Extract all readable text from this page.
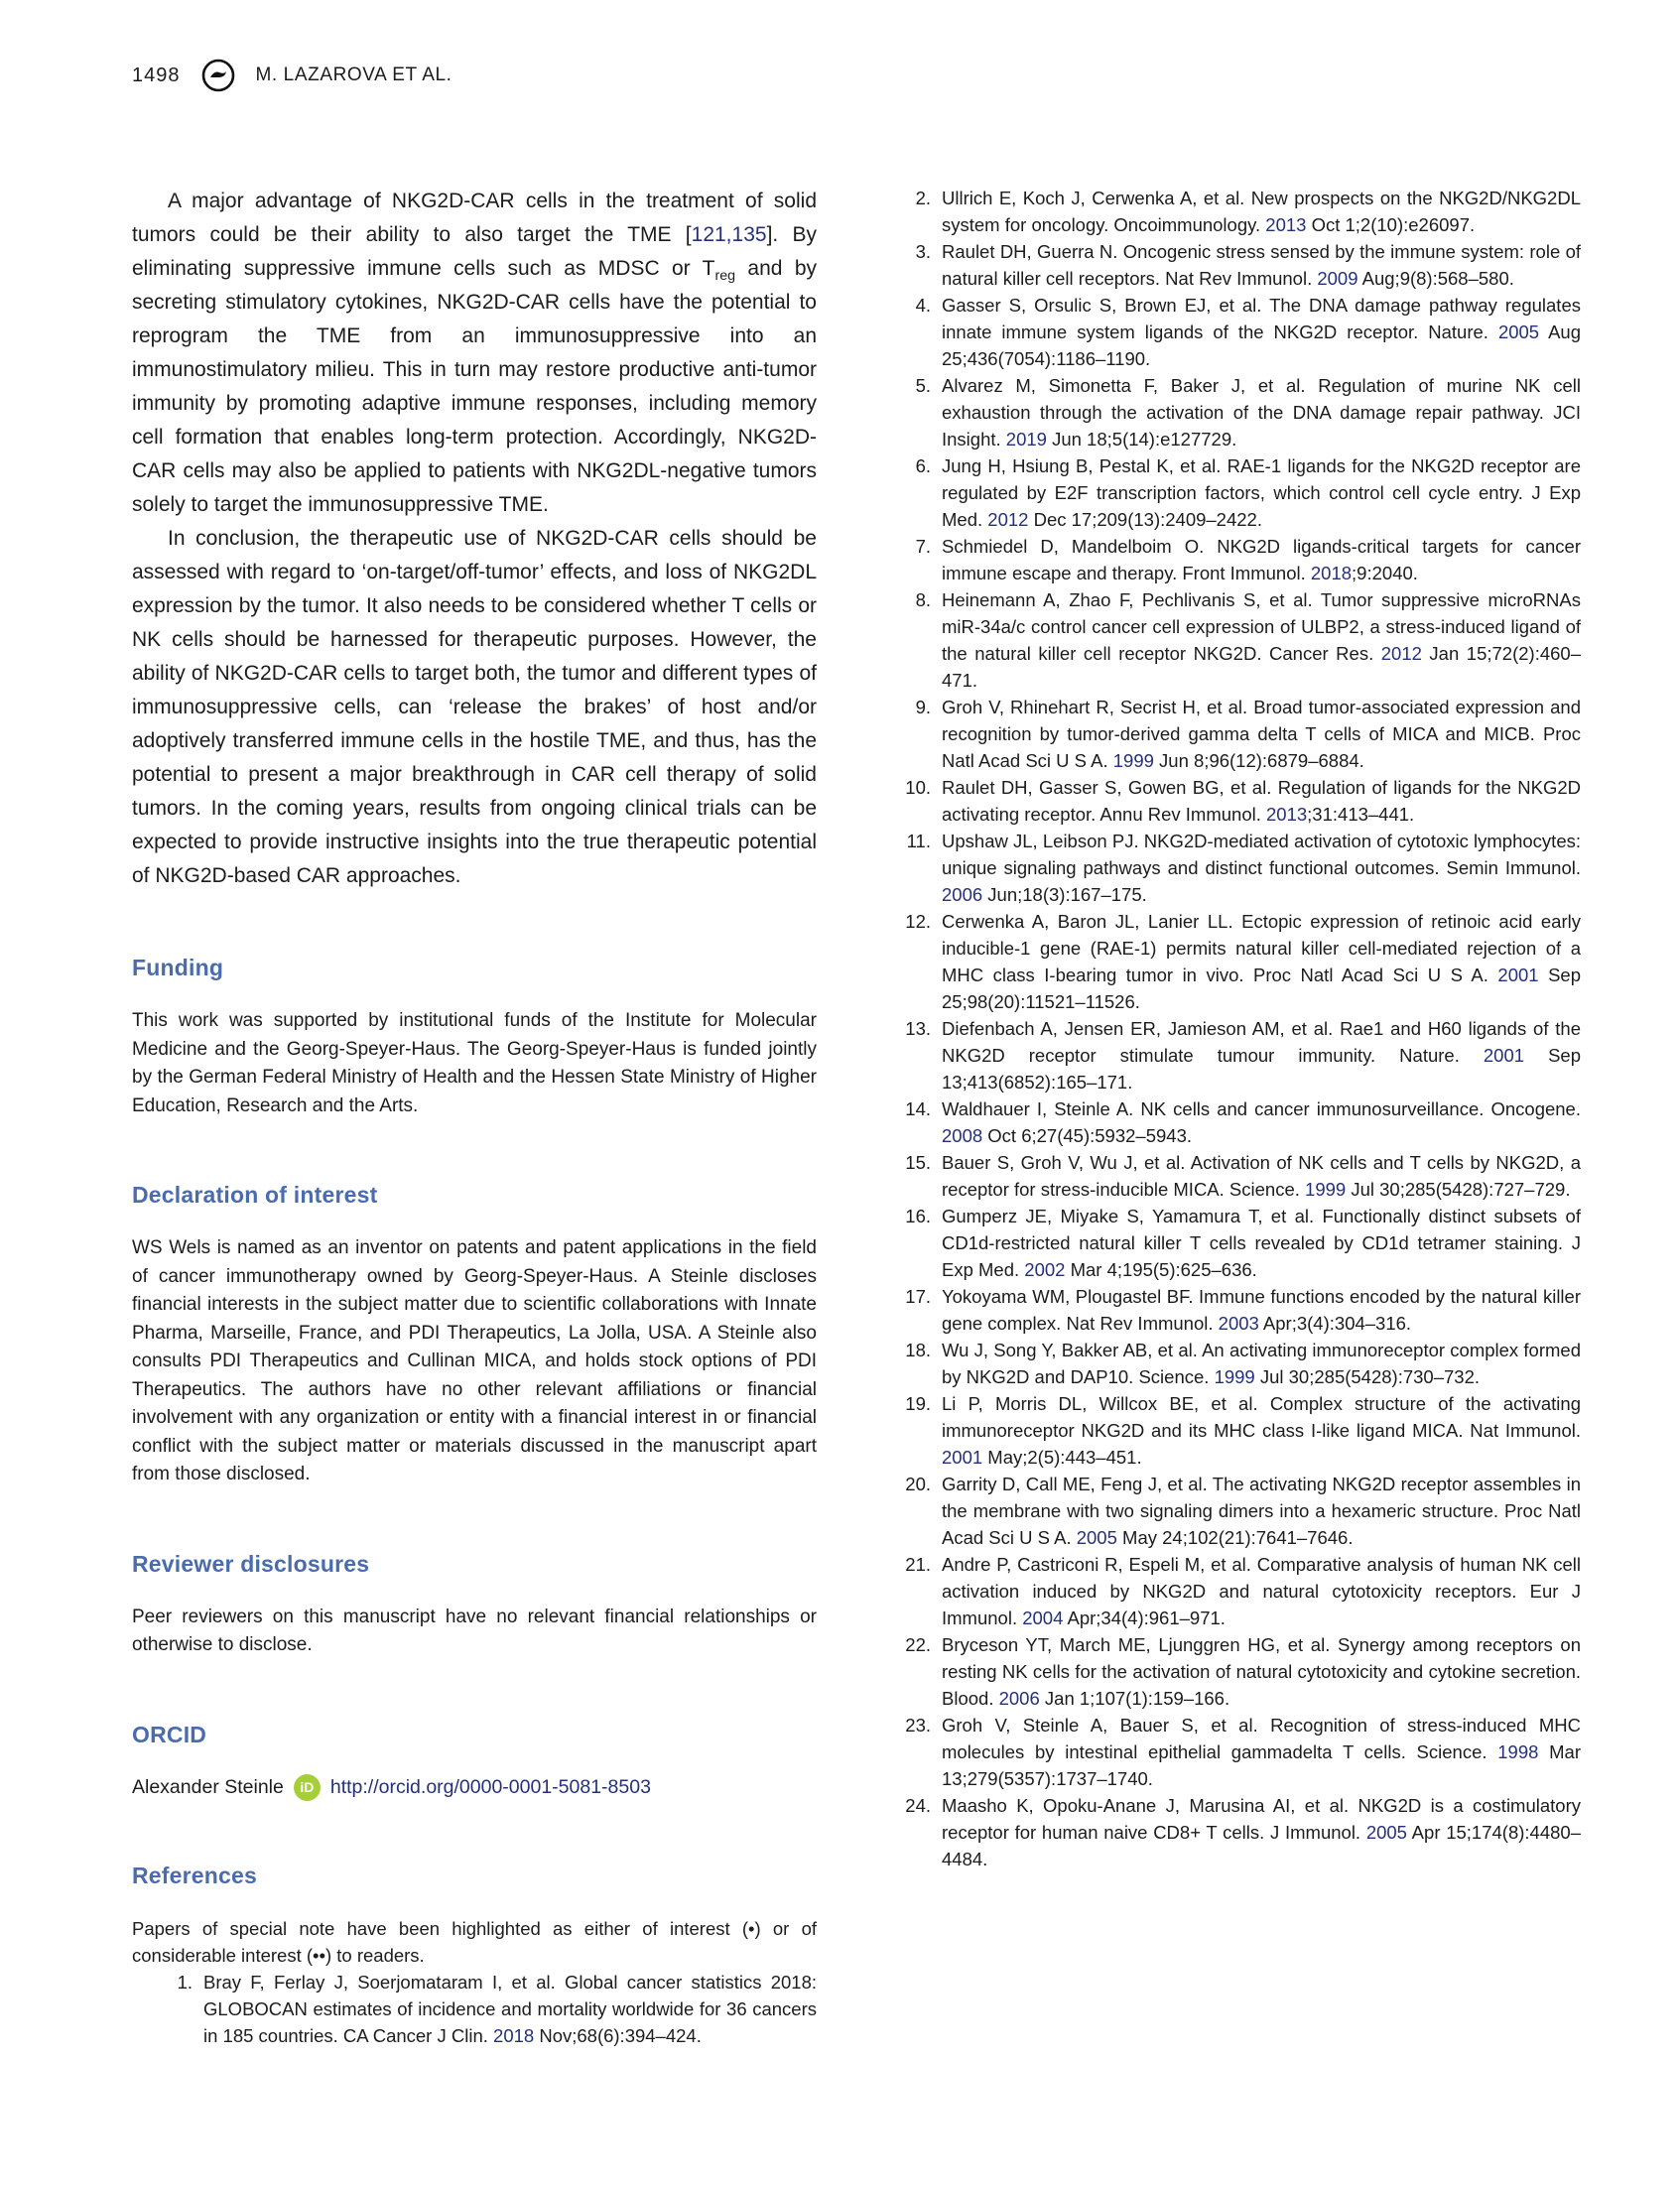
1498	M. LAZAROVA ET AL.

A major advantage of NKG2D-CAR cells in the treatment of solid tumors could be their ability to also target the TME [121,135]. By eliminating suppressive immune cells such as MDSC or $T_{reg}$ and by secreting stimulatory cytokines, NKG2D-CAR cells have the potential to reprogram the TME from an immunosuppressive into an immunostimulatory milieu. This in turn may restore productive anti-tumor immunity by promoting adaptive immune responses, including memory cell formation that enables long-term protection. Accordingly, NKG2D-CAR cells may also be applied to patients with NKG2DL-negative tumors solely to target the immunosuppressive TME.

In conclusion, the therapeutic use of NKG2D-CAR cells should be assessed with regard to ‘on-target/off-tumor’ effects, and loss of NKG2DL expression by the tumor. It also needs to be considered whether T cells or NK cells should be harnessed for therapeutic purposes. However, the ability of NKG2D-CAR cells to target both, the tumor and different types of immunosuppressive cells, can ‘release the brakes’ of host and/or adoptively transferred immune cells in the hostile TME, and thus, has the potential to present a major breakthrough in CAR cell therapy of solid tumors. In the coming years, results from ongoing clinical trials can be expected to provide instructive insights into the true therapeutic potential of NKG2D-based CAR approaches.

Funding

This work was supported by institutional funds of the Institute for Molecular Medicine and the Georg-Speyer-Haus. The Georg-Speyer-Haus is funded jointly by the German Federal Ministry of Health and the Hessen State Ministry of Higher Education, Research and the Arts.

Declaration of interest

WS Wels is named as an inventor on patents and patent applications in the field of cancer immunotherapy owned by Georg-Speyer-Haus. A Steinle discloses financial interests in the subject matter due to scientific collaborations with Innate Pharma, Marseille, France, and PDI Therapeutics, La Jolla, USA. A Steinle also consults PDI Therapeutics and Cullinan MICA, and holds stock options of PDI Therapeutics. The authors have no other relevant affiliations or financial involvement with any organization or entity with a financial interest in or financial conflict with the subject matter or materials discussed in the manuscript apart from those disclosed.

Reviewer disclosures

Peer reviewers on this manuscript have no relevant financial relationships or otherwise to disclose.

ORCID
Alexander Steinle	iD http://orcid.org/0000-0001-5081-8503
References

Papers of special note have been highlighted as either of interest (•) or of considerable interest (••) to readers.

1. Bray F, Ferlay J, Soerjomataram I, et al. Global cancer statistics 2018: GLOBOCAN estimates of incidence and mortality worldwide for 36 cancers in 185 countries. CA Cancer J Clin. 2018 Nov;68(6):394–424.
2. Ullrich E, Koch J, Cerwenka A, et al. New prospects on the NKG2D/NKG2DL system for oncology. Oncoimmunology. 2013 Oct 1;2(10):e26097.
3. Raulet DH, Guerra N. Oncogenic stress sensed by the immune system: role of natural killer cell receptors. Nat Rev Immunol. 2009 Aug;9(8):568–580.
4. Gasser S, Orsulic S, Brown EJ, et al. The DNA damage pathway regulates innate immune system ligands of the NKG2D receptor. Nature. 2005 Aug 25;436(7054):1186–1190.
5. Alvarez M, Simonetta F, Baker J, et al. Regulation of murine NK cell exhaustion through the activation of the DNA damage repair pathway. JCI Insight. 2019 Jun 18;5(14):e127729.
6. Jung H, Hsiung B, Pestal K, et al. RAE-1 ligands for the NKG2D receptor are regulated by E2F transcription factors, which control cell cycle entry. J Exp Med. 2012 Dec 17;209(13):2409–2422.
7. Schmiedel D, Mandelboim O. NKG2D ligands-critical targets for cancer immune escape and therapy. Front Immunol. 2018;9:2040.
8. Heinemann A, Zhao F, Pechlivanis S, et al. Tumor suppressive microRNAs miR-34a/c control cancer cell expression of ULBP2, a stress-induced ligand of the natural killer cell receptor NKG2D. Cancer Res. 2012 Jan 15;72(2):460–471.
9. Groh V, Rhinehart R, Secrist H, et al. Broad tumor-associated expression and recognition by tumor-derived gamma delta T cells of MICA and MICB. Proc Natl Acad Sci U S A. 1999 Jun 8;96(12):6879–6884.
10. Raulet DH, Gasser S, Gowen BG, et al. Regulation of ligands for the NKG2D activating receptor. Annu Rev Immunol. 2013;31:413–441.
11. Upshaw JL, Leibson PJ. NKG2D-mediated activation of cytotoxic lymphocytes: unique signaling pathways and distinct functional outcomes. Semin Immunol. 2006 Jun;18(3):167–175.
12. Cerwenka A, Baron JL, Lanier LL. Ectopic expression of retinoic acid early inducible-1 gene (RAE-1) permits natural killer cell-mediated rejection of a MHC class I-bearing tumor in vivo. Proc Natl Acad Sci U S A. 2001 Sep 25;98(20):11521–11526.
13. Diefenbach A, Jensen ER, Jamieson AM, et al. Rae1 and H60 ligands of the NKG2D receptor stimulate tumour immunity. Nature. 2001 Sep 13;413(6852):165–171.
14. Waldhauer I, Steinle A. NK cells and cancer immunosurveillance. Oncogene. 2008 Oct 6;27(45):5932–5943.
15. Bauer S, Groh V, Wu J, et al. Activation of NK cells and T cells by NKG2D, a receptor for stress-inducible MICA. Science. 1999 Jul 30;285(5428):727–729.
16. Gumperz JE, Miyake S, Yamamura T, et al. Functionally distinct subsets of CD1d-restricted natural killer T cells revealed by CD1d tetramer staining. J Exp Med. 2002 Mar 4;195(5):625–636.
17. Yokoyama WM, Plougastel BF. Immune functions encoded by the natural killer gene complex. Nat Rev Immunol. 2003 Apr;3(4):304–316.
18. Wu J, Song Y, Bakker AB, et al. An activating immunoreceptor complex formed by NKG2D and DAP10. Science. 1999 Jul 30;285(5428):730–732.
19. Li P, Morris DL, Willcox BE, et al. Complex structure of the activating immunoreceptor NKG2D and its MHC class I-like ligand MICA. Nat Immunol. 2001 May;2(5):443–451.
20. Garrity D, Call ME, Feng J, et al. The activating NKG2D receptor assembles in the membrane with two signaling dimers into a hexameric structure. Proc Natl Acad Sci U S A. 2005 May 24;102(21):7641–7646.
21. Andre P, Castriconi R, Espeli M, et al. Comparative analysis of human NK cell activation induced by NKG2D and natural cytotoxicity receptors. Eur J Immunol. 2004 Apr;34(4):961–971.
22. Bryceson YT, March ME, Ljunggren HG, et al. Synergy among receptors on resting NK cells for the activation of natural cytotoxicity and cytokine secretion. Blood. 2006 Jan 1;107(1):159–166.
23. Groh V, Steinle A, Bauer S, et al. Recognition of stress-induced MHC molecules by intestinal epithelial gammadelta T cells. Science. 1998 Mar 13;279(5357):1737–1740.
24. Maasho K, Opoku-Anane J, Marusina AI, et al. NKG2D is a costimulatory receptor for human naive CD8+ T cells. J Immunol. 2005 Apr 15;174(8):4480–4484.
